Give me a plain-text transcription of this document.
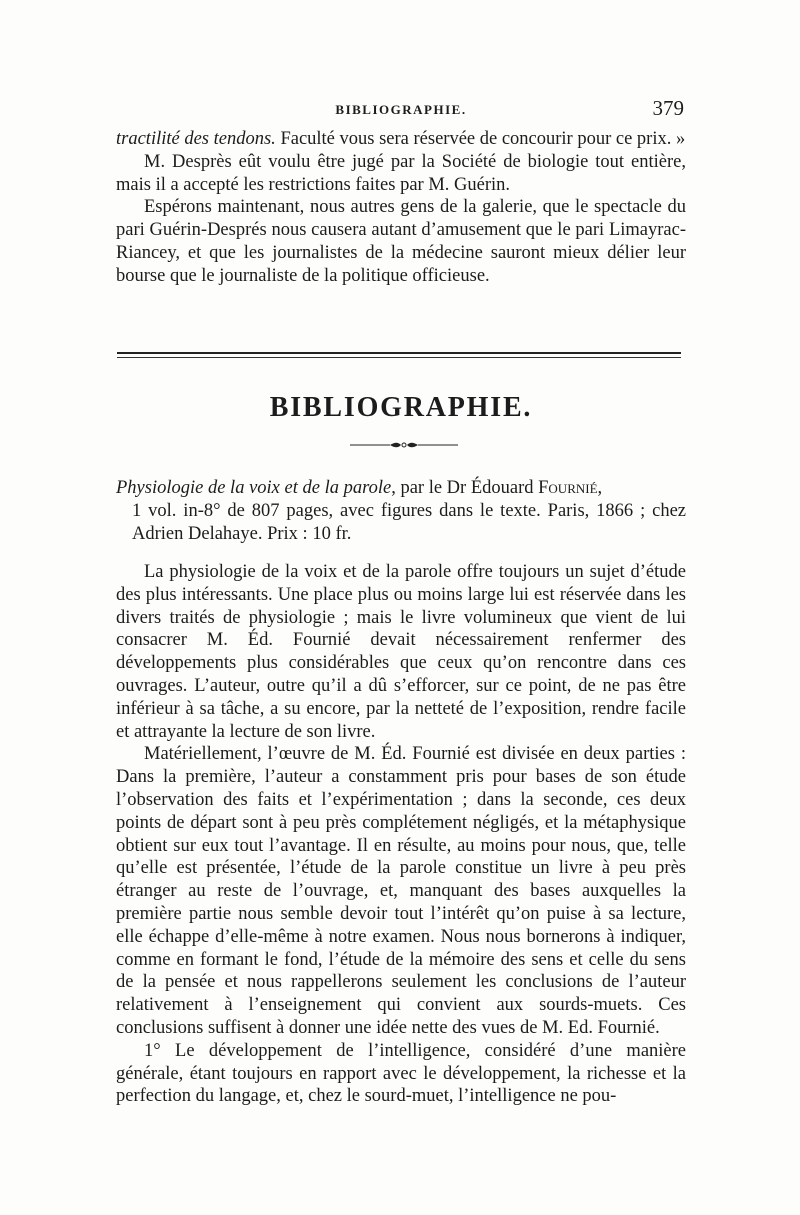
BIBLIOGRAPHIE.	379

tractilité des tendons. Faculté vous sera réservée de concourir pour ce prix. »

M. Desprès eût voulu être jugé par la Société de biologie tout entière, mais il a accepté les restrictions faites par M. Guérin.

Espérons maintenant, nous autres gens de la galerie, que le spectacle du pari Guérin-Després nous causera autant d’amusement que le pari Limayrac-Riancey, et que les journalistes de la médecine sauront mieux délier leur bourse que le journaliste de la politique officieuse.

BIBLIOGRAPHIE.
Physiologie de la voix et de la parole, par le Dr Édouard Fournié,
1 vol. in-8° de 807 pages, avec figures dans le texte. Paris, 1866 ; chez Adrien Delahaye. Prix : 10 fr.

La physiologie de la voix et de la parole offre toujours un sujet d’étude des plus intéressants. Une place plus ou moins large lui est réservée dans les divers traités de physiologie ; mais le livre volumineux que vient de lui consacrer M. Éd. Fournié devait nécessairement renfermer des développements plus considérables que ceux qu’on rencontre dans ces ouvrages. L’auteur, outre qu’il a dû s’efforcer, sur ce point, de ne pas être inférieur à sa tâche, a su encore, par la netteté de l’exposition, rendre facile et attrayante la lecture de son livre.

Matériellement, l’œuvre de M. Éd. Fournié est divisée en deux parties : Dans la première, l’auteur a constamment pris pour bases de son étude l’observation des faits et l’expérimentation ; dans la seconde, ces deux points de départ sont à peu près complétement négligés, et la métaphysique obtient sur eux tout l’avantage. Il en résulte, au moins pour nous, que, telle qu’elle est présentée, l’étude de la parole constitue un livre à peu près étranger au reste de l’ouvrage, et, manquant des bases auxquelles la première partie nous semble devoir tout l’intérêt qu’on puise à sa lecture, elle échappe d’elle-même à notre examen. Nous nous bornerons à indiquer, comme en formant le fond, l’étude de la mémoire des sens et celle du sens de la pensée et nous rappellerons seulement les conclusions de l’auteur relativement à l’enseignement qui convient aux sourds-muets. Ces conclusions suffisent à donner une idée nette des vues de M. Ed. Fournié.

1° Le développement de l’intelligence, considéré d’une manière générale, étant toujours en rapport avec le développement, la richesse et la perfection du langage, et, chez le sourd-muet, l’intelligence ne pou-
